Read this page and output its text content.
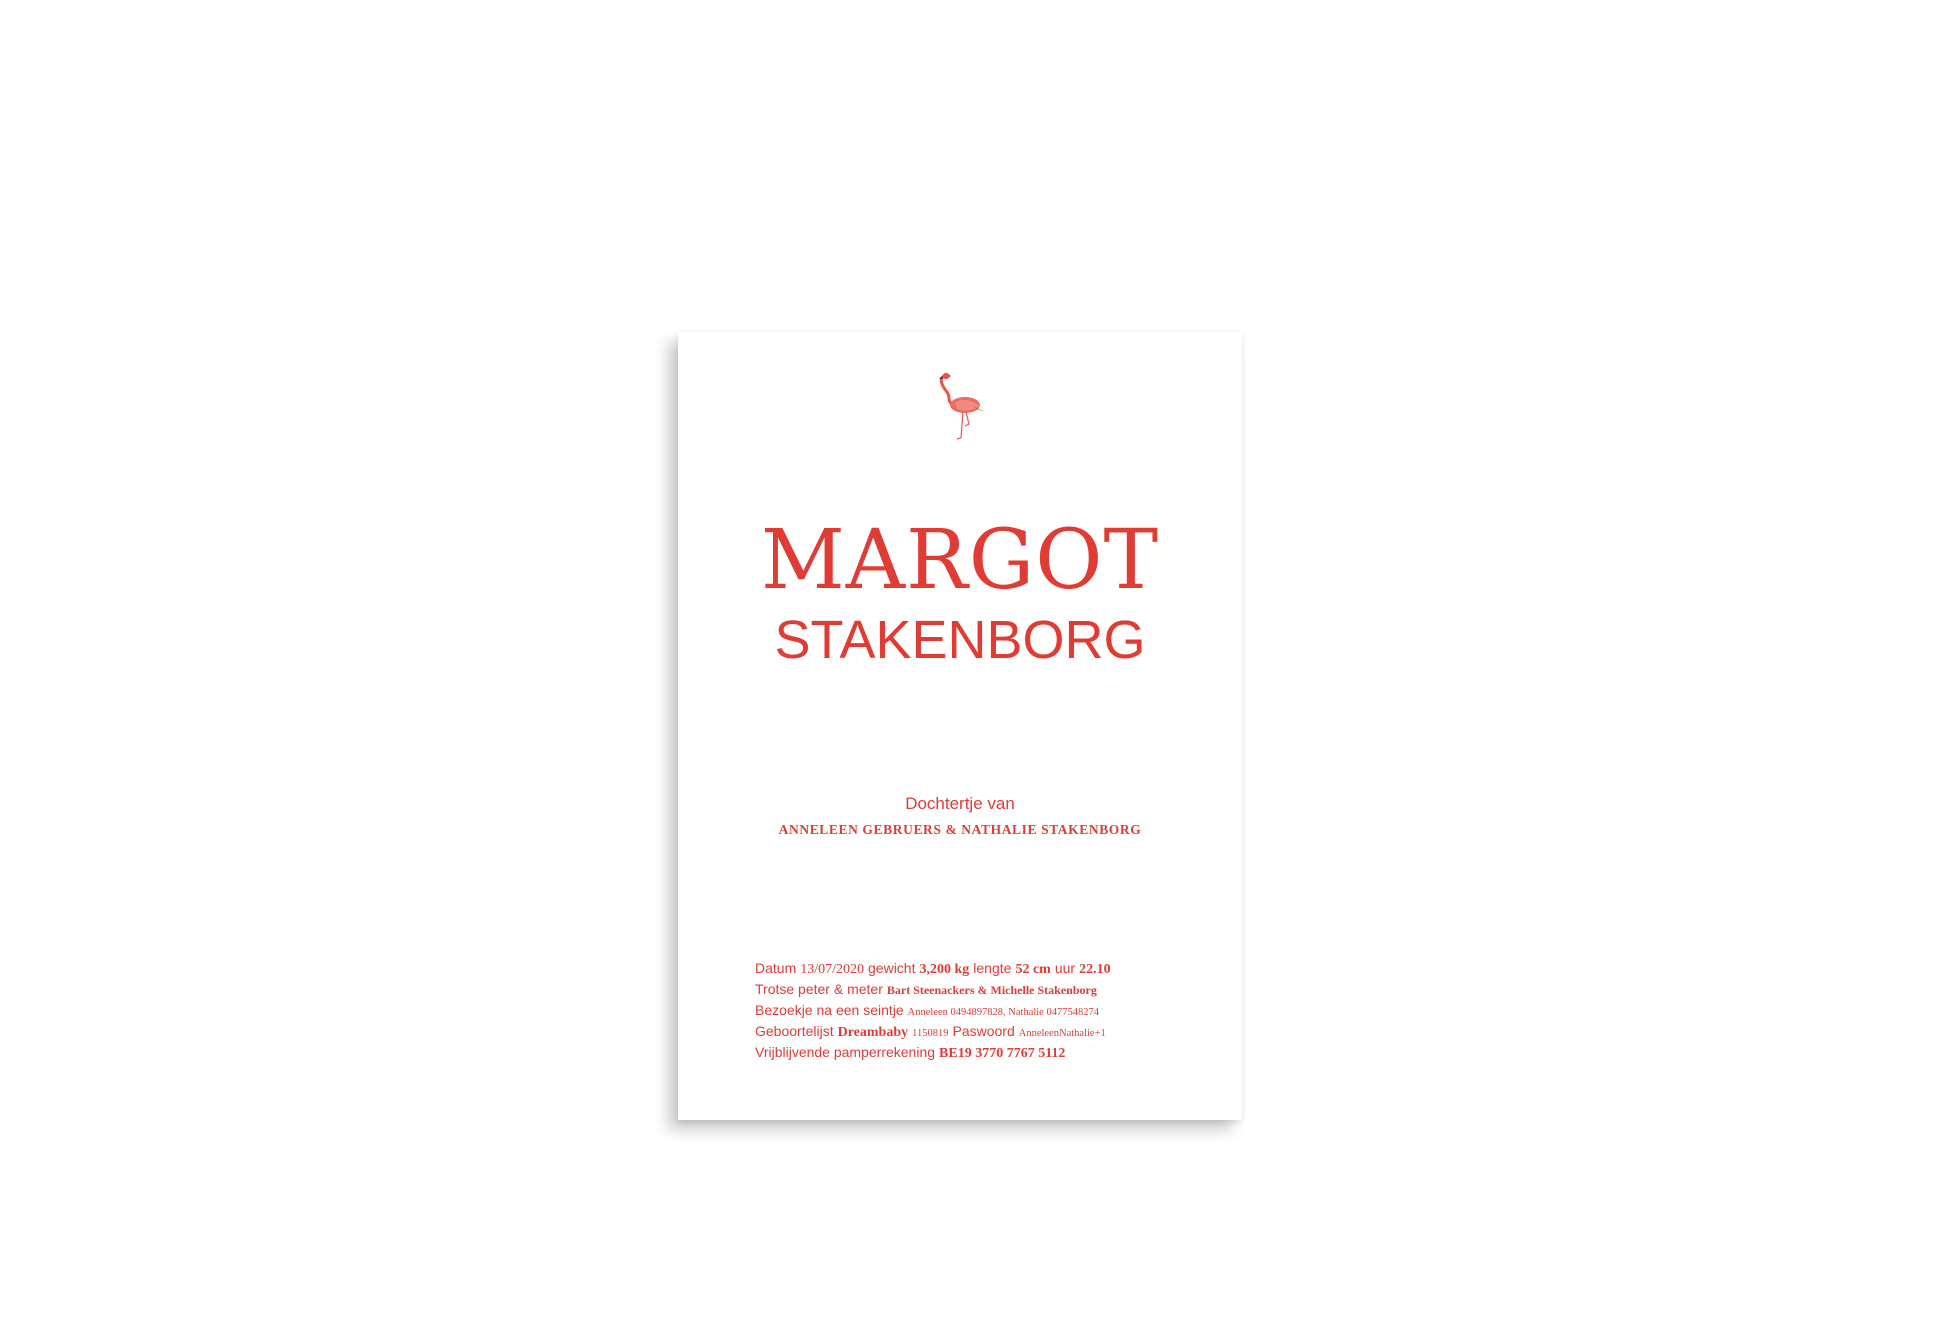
MARGOT
STAKENBORG
Dochtertje van
ANNELEEN GEBRUERS & NATHALIE STAKENBORG
Datum 13/07/2020 gewicht 3,200 kg lengte 52 cm uur 22.10
Trotse peter & meter Bart Steenackers & Michelle Stakenborg
Bezoekje na een seintje Anneleen 0494897828, Nathalie 0477548274
Geboortelijst Dreambaby 1150819 Paswoord AnneleenNathalie+1
Vrijblijvende pamperrekening BE19 3770 7767 5112
